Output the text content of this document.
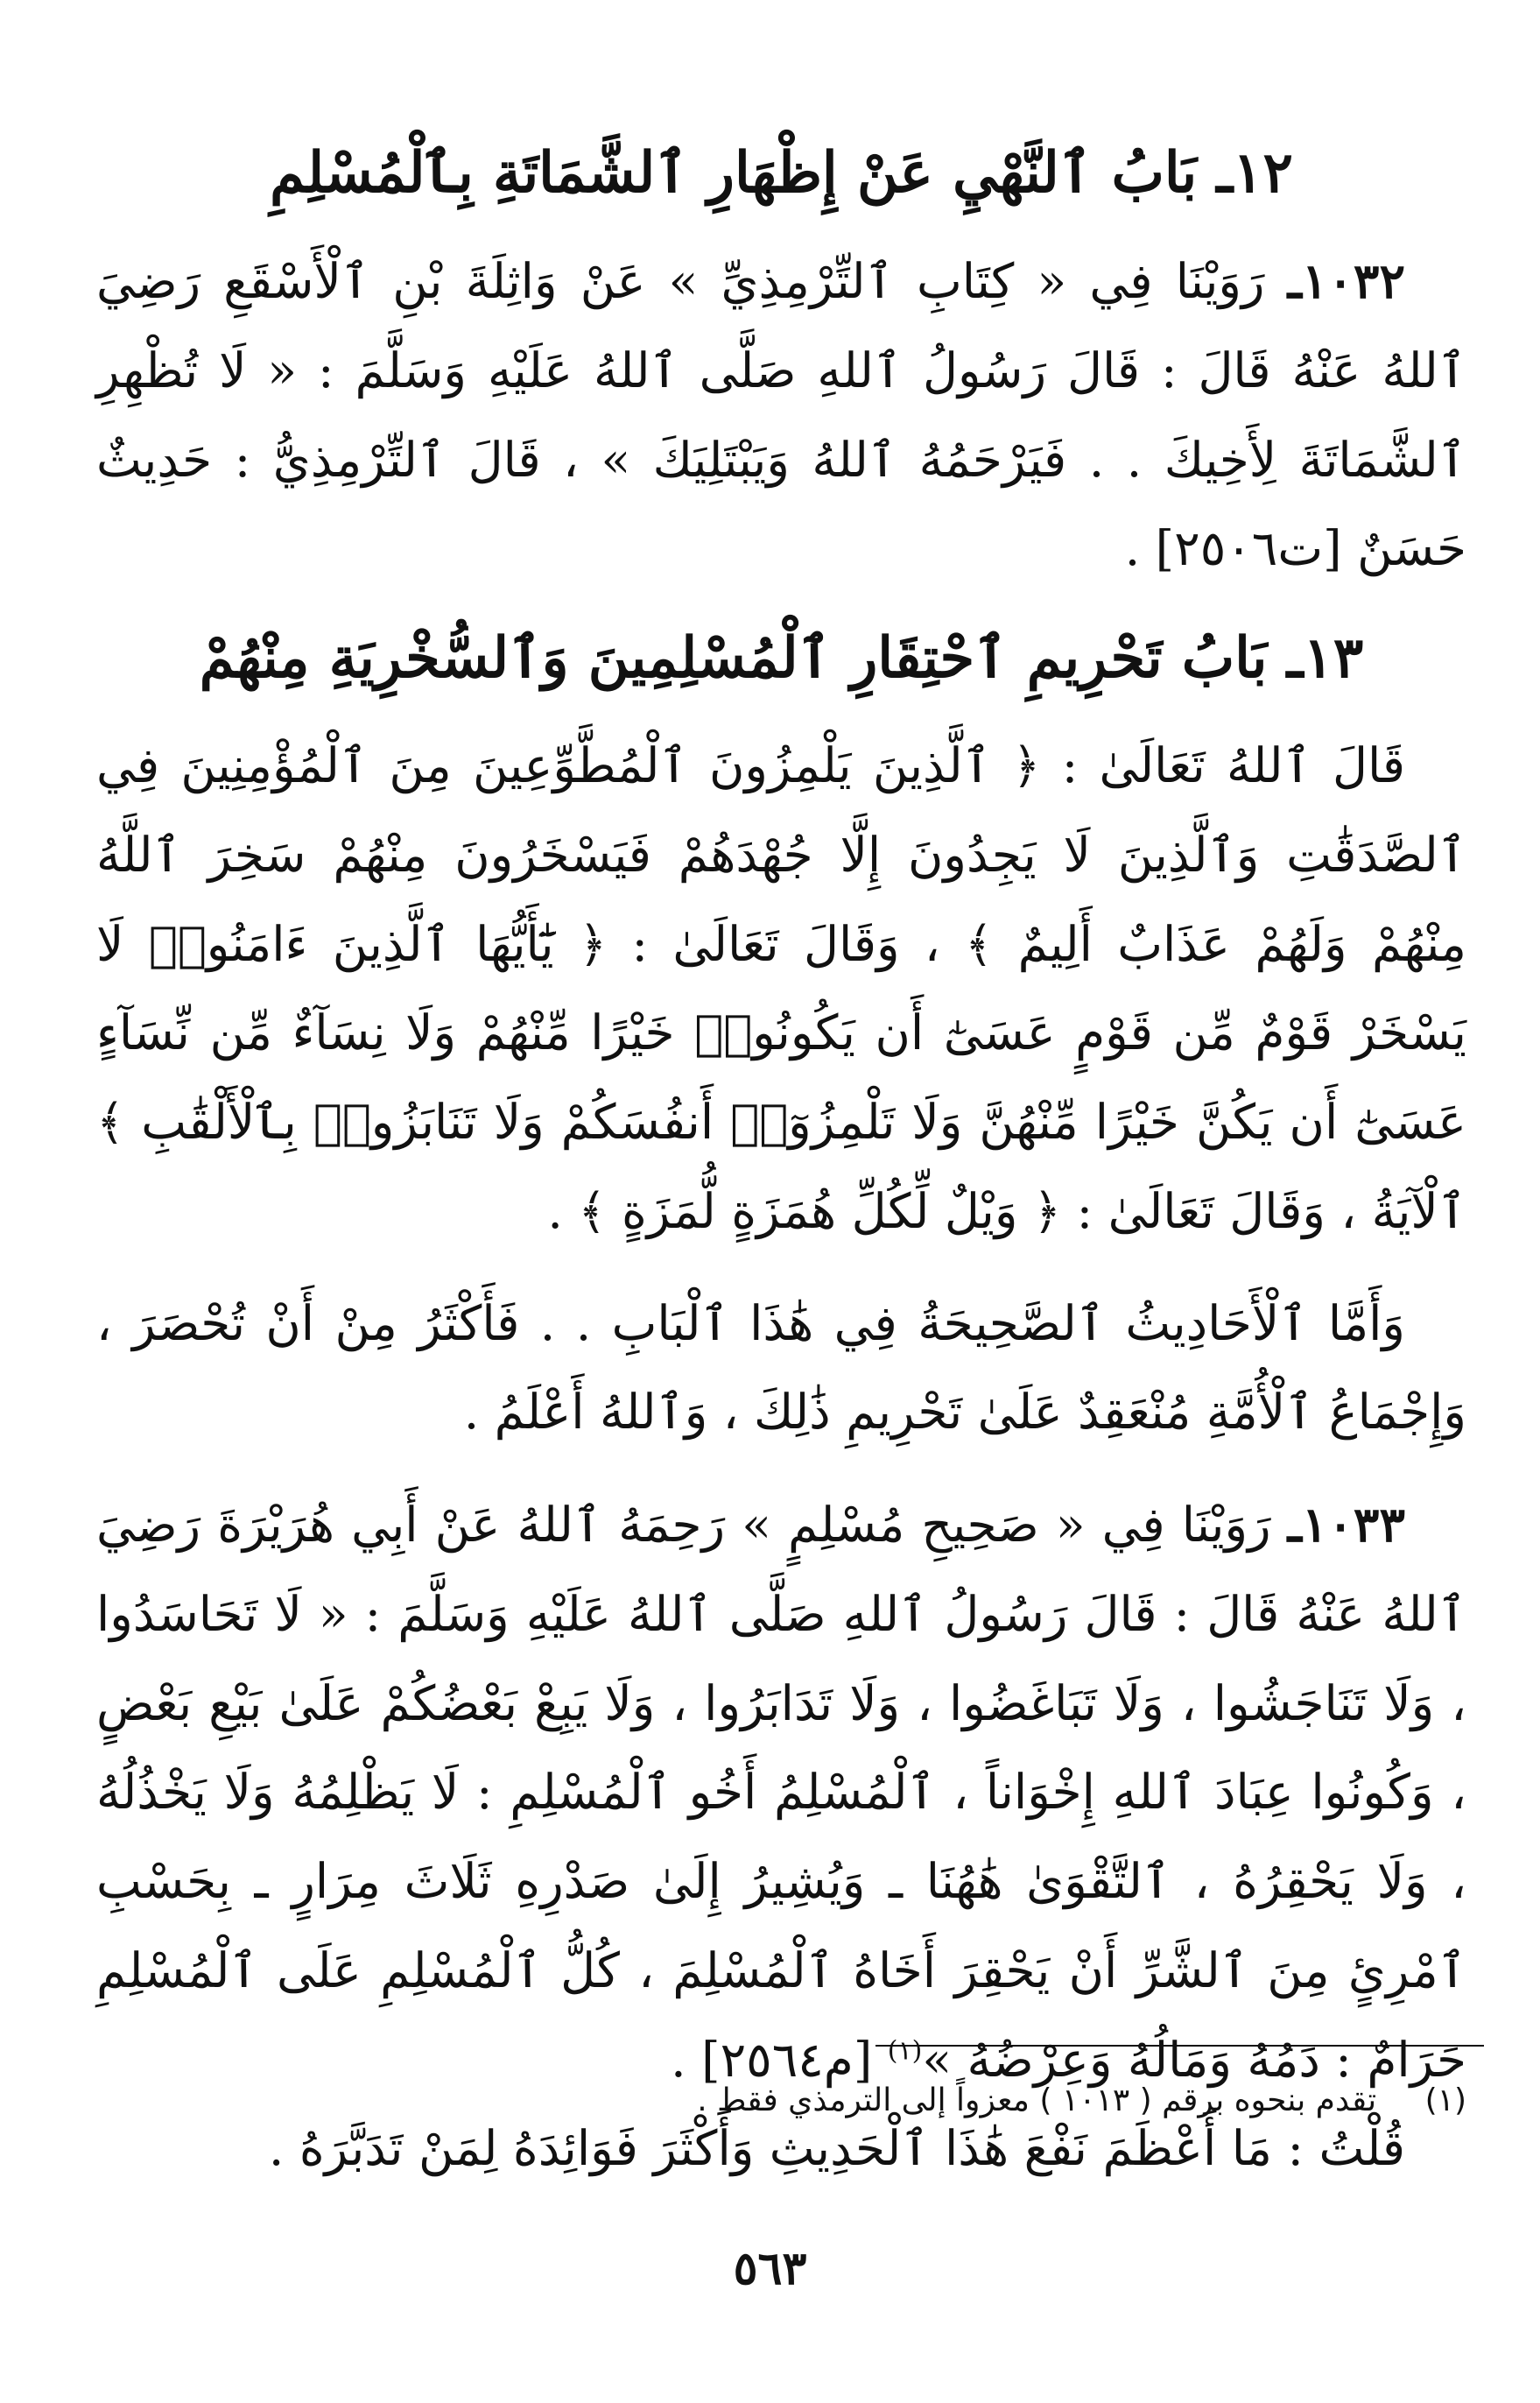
١٢ـ بَابُ ٱلنَّهْيِ عَنْ إِظْهَارِ ٱلشَّمَاتَةِ بِٱلْمُسْلِمِ

١٠٣٢ـ رَوَيْنَا فِي « كِتَابِ ٱلتِّرْمِذِيِّ » عَنْ وَاثِلَةَ بْنِ ٱلْأَسْقَعِ رَضِيَ ٱللهُ عَنْهُ قَالَ : قَالَ رَسُولُ ٱللهِ صَلَّى ٱللهُ عَلَيْهِ وَسَلَّمَ : « لَا تُظْهِرِ ٱلشَّمَاتَةَ لِأَخِيكَ . . فَيَرْحَمُهُ ٱللهُ وَيَبْتَلِيَكَ » ، قَالَ ٱلتِّرْمِذِيُّ : حَدِيثٌ حَسَنٌ [ت٢٥٠٦] .

١٣ـ بَابُ تَحْرِيمِ ٱحْتِقَارِ ٱلْمُسْلِمِينَ وَٱلسُّخْرِيَةِ مِنْهُمْ

قَالَ ٱللهُ تَعَالَىٰ : ﴿ ٱلَّذِينَ يَلْمِزُونَ ٱلْمُطَّوِّعِينَ مِنَ ٱلْمُؤْمِنِينَ فِي ٱلصَّدَقَٰتِ وَٱلَّذِينَ لَا يَجِدُونَ إِلَّا جُهْدَهُمْ فَيَسْخَرُونَ مِنْهُمْ سَخِرَ ٱللَّهُ مِنْهُمْ وَلَهُمْ عَذَابٌ أَلِيمٌ ﴾ ، وَقَالَ تَعَالَىٰ : ﴿ يَٰٓأَيُّهَا ٱلَّذِينَ ءَامَنُوا۟ لَا يَسْخَرْ قَوْمٌ مِّن قَوْمٍ عَسَىٰٓ أَن يَكُونُوا۟ خَيْرًا مِّنْهُمْ وَلَا نِسَآءٌ مِّن نِّسَآءٍ عَسَىٰٓ أَن يَكُنَّ خَيْرًا مِّنْهُنَّ وَلَا تَلْمِزُوٓا۟ أَنفُسَكُمْ وَلَا تَنَابَزُوا۟ بِٱلْأَلْقَٰبِ ﴾ ٱلْآيَةُ ، وَقَالَ تَعَالَىٰ : ﴿ وَيْلٌ لِّكُلِّ هُمَزَةٍ لُّمَزَةٍ ﴾ .

وَأَمَّا ٱلْأَحَادِيثُ ٱلصَّحِيحَةُ فِي هَٰذَا ٱلْبَابِ . . فَأَكْثَرُ مِنْ أَنْ تُحْصَرَ ، وَإِجْمَاعُ ٱلْأُمَّةِ مُنْعَقِدٌ عَلَىٰ تَحْرِيمِ ذَٰلِكَ ، وَٱللهُ أَعْلَمُ .

١٠٣٣ـ رَوَيْنَا فِي « صَحِيحِ مُسْلِمٍ » رَحِمَهُ ٱللهُ عَنْ أَبِي هُرَيْرَةَ رَضِيَ ٱللهُ عَنْهُ قَالَ : قَالَ رَسُولُ ٱللهِ صَلَّى ٱللهُ عَلَيْهِ وَسَلَّمَ : « لَا تَحَاسَدُوا ، وَلَا تَنَاجَشُوا ، وَلَا تَبَاغَضُوا ، وَلَا تَدَابَرُوا ، وَلَا يَبِعْ بَعْضُكُمْ عَلَىٰ بَيْعِ بَعْضٍ ، وَكُونُوا عِبَادَ ٱللهِ إِخْوَاناً ، ٱلْمُسْلِمُ أَخُو ٱلْمُسْلِمِ : لَا يَظْلِمُهُ وَلَا يَخْذُلُهُ ، وَلَا يَحْقِرُهُ ، ٱلتَّقْوَىٰ هَٰهُنَا ـ وَيُشِيرُ إِلَىٰ صَدْرِهِ ثَلَاثَ مِرَارٍ ـ بِحَسْبِ ٱمْرِئٍ مِنَ ٱلشَّرِّ أَنْ يَحْقِرَ أَخَاهُ ٱلْمُسْلِمَ ، كُلُّ ٱلْمُسْلِمِ عَلَى ٱلْمُسْلِمِ حَرَامٌ : دَمُهُ وَمَالُهُ وَعِرْضُهُ »$^{(١)}$ [م٢٥٦٤] .

قُلْتُ : مَا أَعْظَمَ نَفْعَ هَٰذَا ٱلْحَدِيثِ وَأَكْثَرَ فَوَائِدَهُ لِمَنْ تَدَبَّرَهُ .

(١) تقدم بنحوه برقم ( ١٠١٣ ) معزواً إلى الترمذي فقط .
٥٦٣
